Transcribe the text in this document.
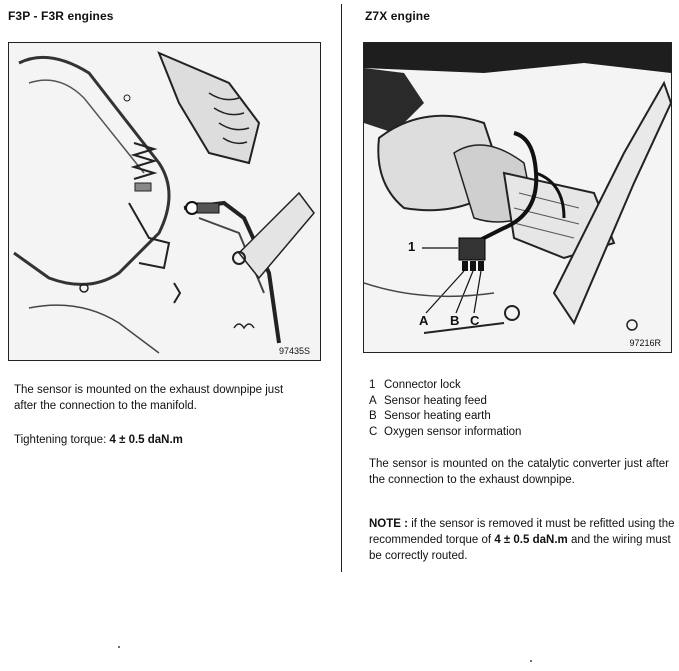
F3P - F3R engines
97435S

The sensor is mounted on the exhaust downpipe just after the connection to the manifold.

Tightening torque: 4 ± 0.5 daN.m

Z7X engine
1
A B C
97216R
1 Connector lock
A Sensor heating feed
B Sensor heating earth
C Oxygen sensor information

The sensor is mounted on the catalytic converter just after the connection to the exhaust downpipe.

NOTE : if the sensor is removed it must be refitted using the recommended torque of 4 ± 0.5 daN.m and the wiring must be correctly routed.
